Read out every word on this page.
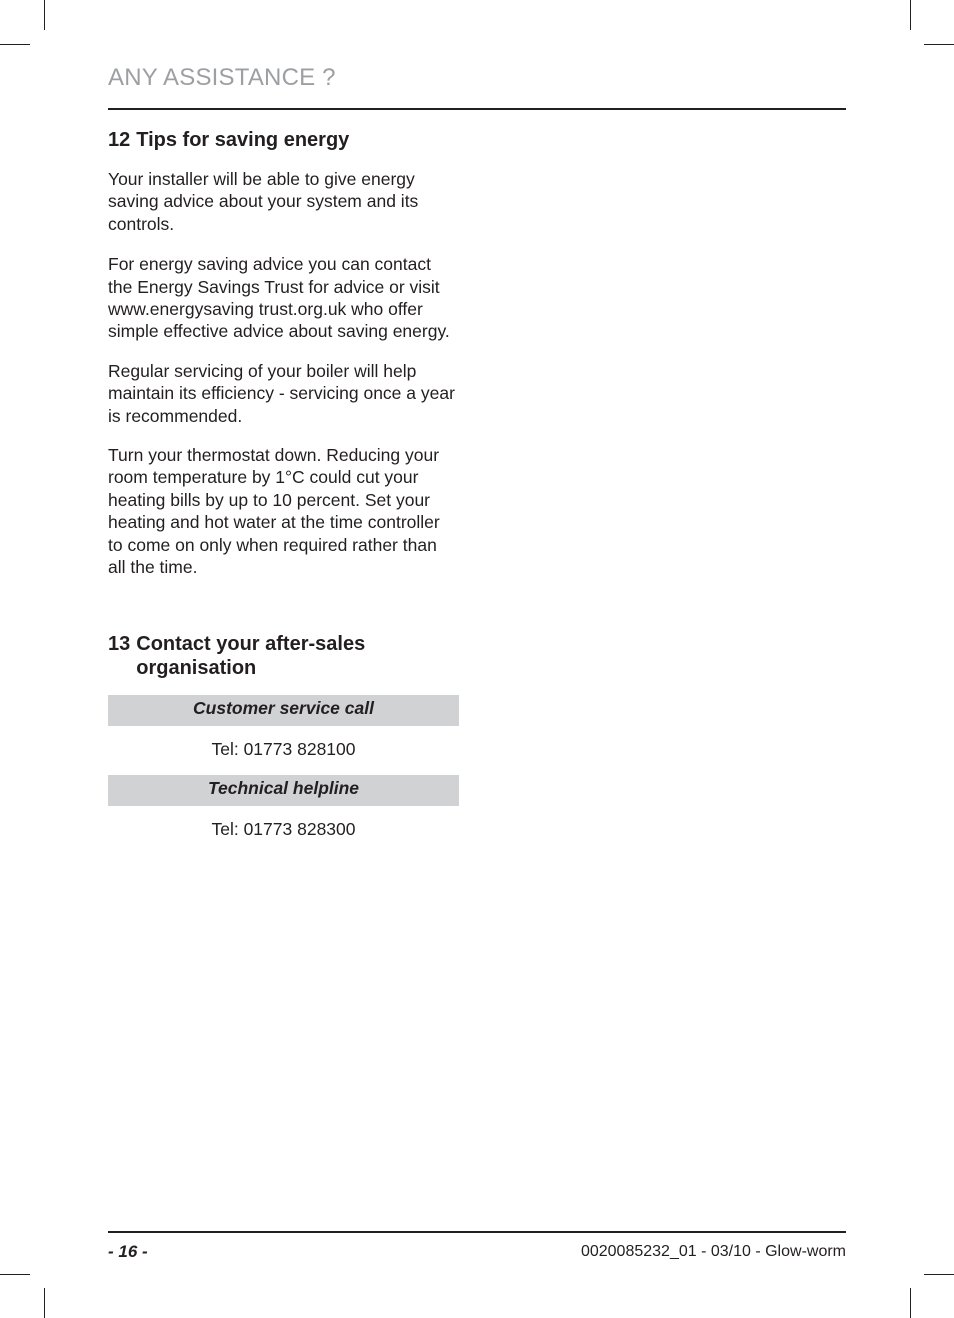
ANY ASSISTANCE ?
12 Tips for saving energy

Your installer will be able to give energy saving advice about your system and its controls.

For energy saving advice you can contact the Energy Savings Trust for advice or visit www.energysaving trust.org.uk who offer simple effective advice about saving energy.

Regular servicing of your boiler will help maintain its efficiency - servicing once a year is recommended.

Turn your thermostat down. Reducing your room temperature by 1°C could cut your heating bills by up to 10 percent. Set your heating and hot water at the time controller to come on only when required rather than all the time.

13 Contact your after-sales
organisation
Customer service call
Tel: 01773 828100
Technical helpline
Tel: 01773 828300
- 16 -	0020085232_01 - 03/10 - Glow-worm
